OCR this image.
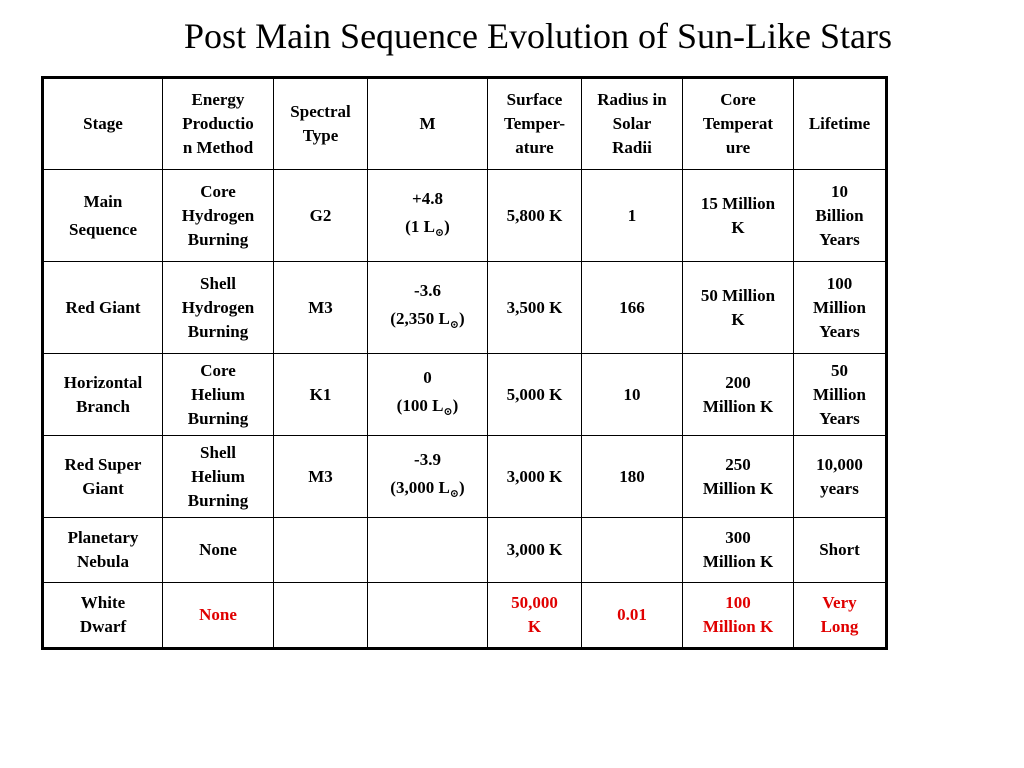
Post Main Sequence Evolution of Sun-Like Stars
Stage	Energy
Productio
n Method	Spectral
Type	M	Surface
Temper-
ature	Radius in
Solar
Radii	Core
Temperat
ure	Lifetime

Main
Sequence	Core
Hydrogen
Burning	G2	+4.8
(1 $L_⊙$)	5,800 K	1	15 Million
K	10
Billion
Years

Red Giant	Shell
Hydrogen
Burning	M3	-3.6
(2,350 $L_⊙$)	3,500 K	166	50 Million
K	100
Million
Years

Horizontal
Branch	Core
Helium
Burning	K1	0
(100 $L_⊙$)	5,000 K	10	200
Million K	50
Million
Years

Red Super
Giant	Shell
Helium
Burning	M3	-3.9
(3,000 $L_⊙$)	3,000 K	180	250
Million K	10,000
years

Planetary
Nebula	None			3,000 K		300
Million K	Short

White
Dwarf	None			50,000
K	0.01	100
Million K	Very
Long
